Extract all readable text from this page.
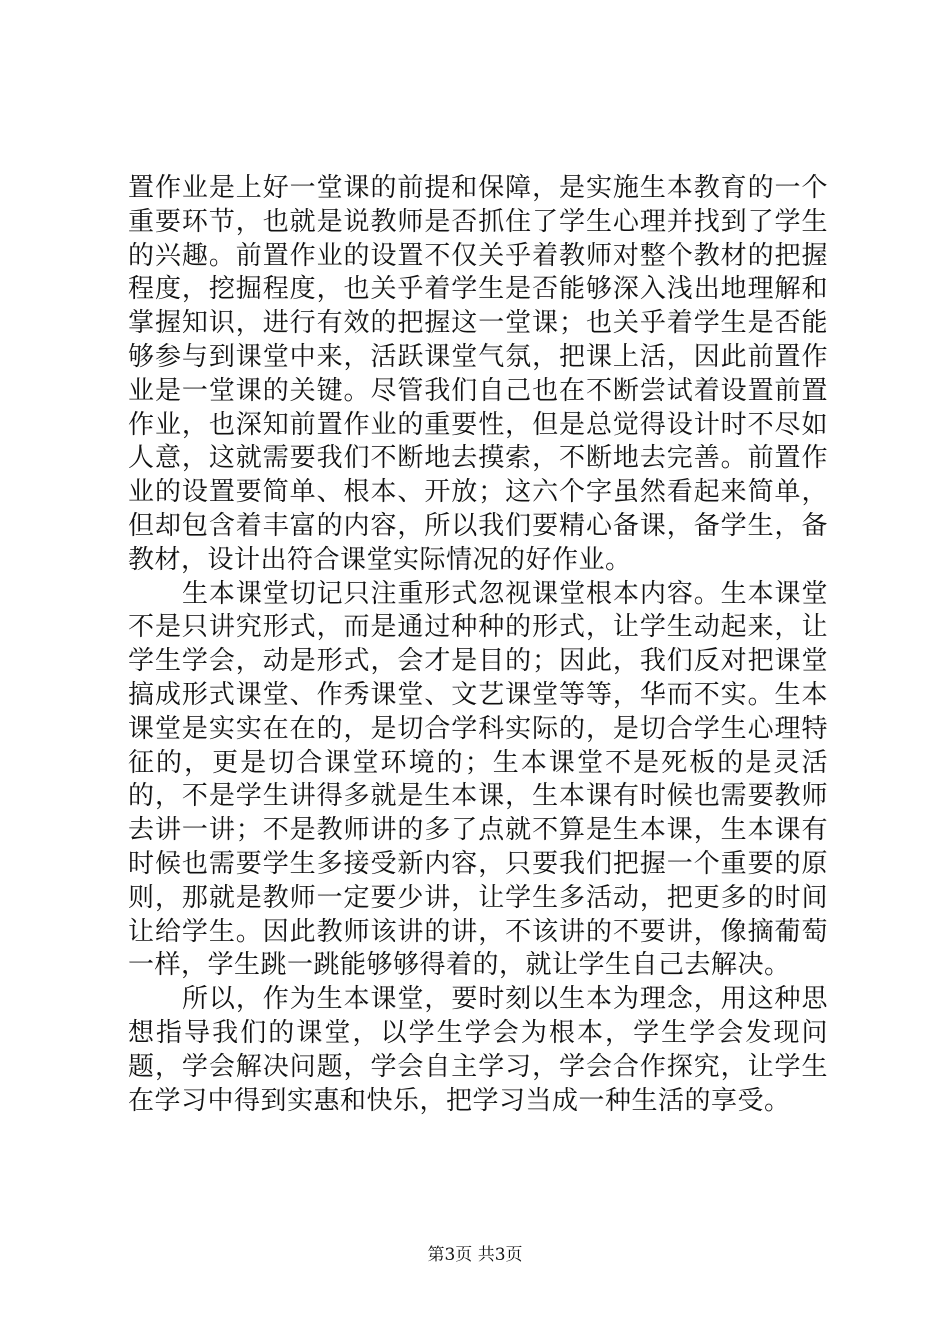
置作业是上好一堂课的前提和保障，是实施生本教育的一个重要环节，也就是说教师是否抓住了学生心理并找到了学生的兴趣。前置作业的设置不仅关乎着教师对整个教材的把握程度，挖掘程度，也关乎着学生是否能够深入浅出地理解和掌握知识，进行有效的把握这一堂课；也关乎着学生是否能够参与到课堂中来，活跃课堂气氛，把课上活，因此前置作业是一堂课的关键。尽管我们自己也在不断尝试着设置前置作业，也深知前置作业的重要性，但是总觉得设计时不尽如人意，这就需要我们不断地去摸索，不断地去完善。前置作业的设置要简单、根本、开放；这六个字虽然看起来简单，但却包含着丰富的内容，所以我们要精心备课，备学生，备教材，设计出符合课堂实际情况的好作业。

生本课堂切记只注重形式忽视课堂根本内容。生本课堂不是只讲究形式，而是通过种种的形式，让学生动起来，让学生学会，动是形式，会才是目的；因此，我们反对把课堂搞成形式课堂、作秀课堂、文艺课堂等等，华而不实。生本课堂是实实在在的，是切合学科实际的，是切合学生心理特征的，更是切合课堂环境的；生本课堂不是死板的是灵活的，不是学生讲得多就是生本课，生本课有时候也需要教师去讲一讲；不是教师讲的多了点就不算是生本课，生本课有时候也需要学生多接受新内容，只要我们把握一个重要的原则，那就是教师一定要少讲，让学生多活动，把更多的时间让给学生。因此教师该讲的讲，不该讲的不要讲，像摘葡萄一样，学生跳一跳能够够得着的，就让学生自己去解决。

所以，作为生本课堂，要时刻以生本为理念，用这种思想指导我们的课堂，以学生学会为根本，学生学会发现问题，学会解决问题，学会自主学习，学会合作探究，让学生在学习中得到实惠和快乐，把学习当成一种生活的享受。

第3页 共3页
